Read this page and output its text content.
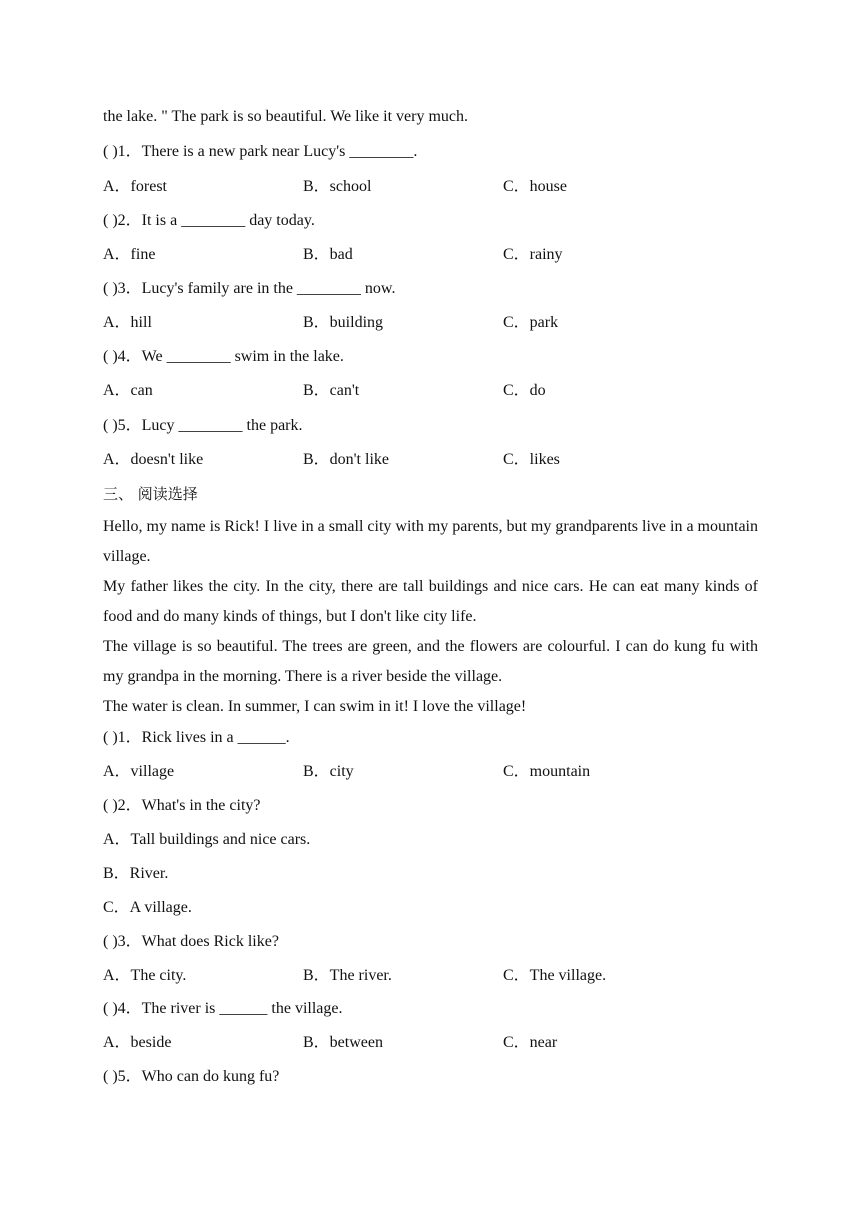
the lake. " The park is so beautiful. We like it very much.
( )1．There is a new park near Lucy's ________.
A．forest	B．school	C．house
( )2．It is a ________ day today.
A．fine	B．bad	C．rainy
( )3．Lucy's family are in the ________ now.
A．hill	B．building	C．park
( )4．We ________ swim in the lake.
A．can	B．can't	C．do
( )5．Lucy ________ the park.
A．doesn't like	B．don't like	C．likes
三、 阅读选择
Hello, my name is Rick! I live in a small city with my parents, but my grandparents live in a mountain village.
My father likes the city. In the city, there are tall buildings and nice cars. He can eat many kinds of food and do many kinds of things, but I don't like city life.
The village is so beautiful. The trees are green, and the flowers are colourful. I can do kung fu with my grandpa in the morning. There is a river beside the village.
The water is clean. In summer, I can swim in it! I love the village!
( )1．Rick lives in a ______.
A．village	B．city	C．mountain
( )2．What's in the city?
A．Tall buildings and nice cars.
B．River.
C．A village.
( )3．What does Rick like?
A．The city.	B．The river.	C．The village.
( )4．The river is ______ the village.
A．beside	B．between	C．near
( )5．Who can do kung fu?
